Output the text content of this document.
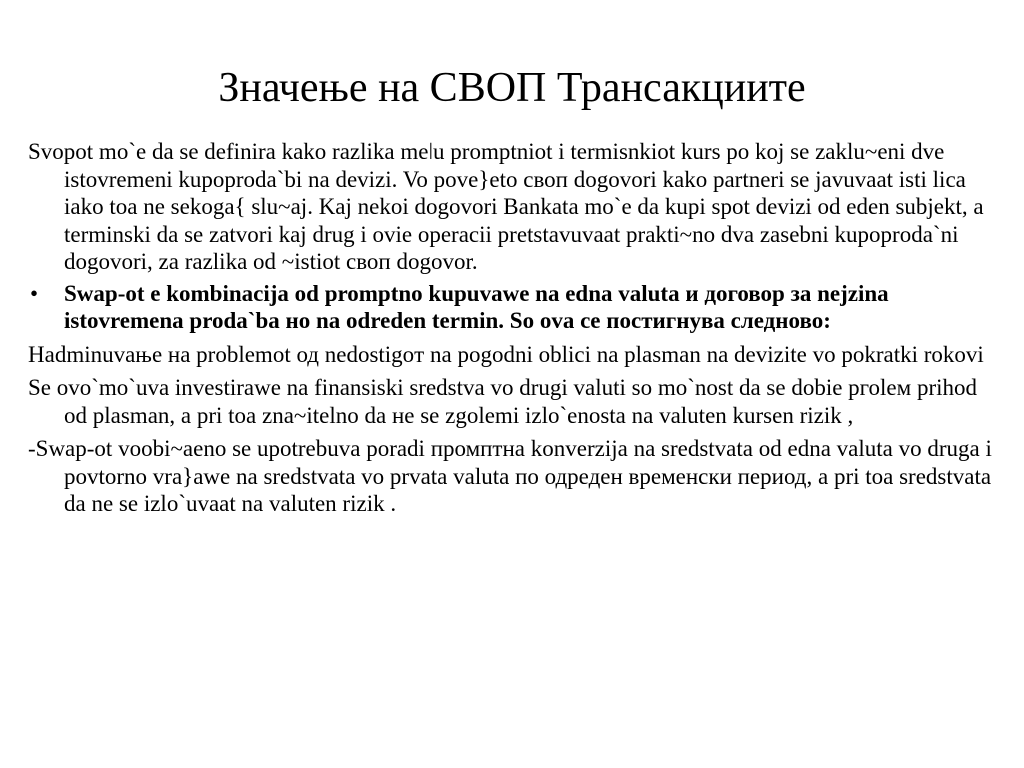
Значење на СВОП Трансакциите

Svopot mo`e da se definira kako razlika meǀu promptniot i termisnkiot kurs po koj se zaklu~eni dve istovremeni kupoproda`bi na devizi. Vo pove}eto своп dogovori kako partneri se javuvaat isti lica iako toa ne sekoga{ slu~aj. Kaj nekoi dogovori Bankata mo`e da kupi spot devizi od eden subjekt, a terminski da se zatvori kaj drug i ovie operacii pretstavuvaat prakti~no dva zasebni kupoproda`ni dogovori, za razlika od ~istiot своп dogovor.

• Swap-ot e kombinacija od promptno kupuvawe na edna valuta и договор за nejzina istovremena proda`ba но na odreden termin. So ova ce постигнува следново:

Hadminuvaње на problemot од nedostigoт na pogodni oblici na plasman na devizite vo pokratki rokovi

Se ovo`mo`uva investirawe na finansiski sredstva vo drugi valuti so mo`nost da se dobie ргоlем prihod od plasman, a pri toa zna~itelno da не se zgolemi izlo`enosta na valuten kursen rizik ,

-Swap-ot voobi~aeno se upotrebuva poradi промптна konverzija na sredstvata od edna valuta vo druga i povtorno vra}awe na sredstvata vo prvata valuta по одреден временски период, a pri toa sredstvata da ne se izlo`uvaat na valuten rizik .
